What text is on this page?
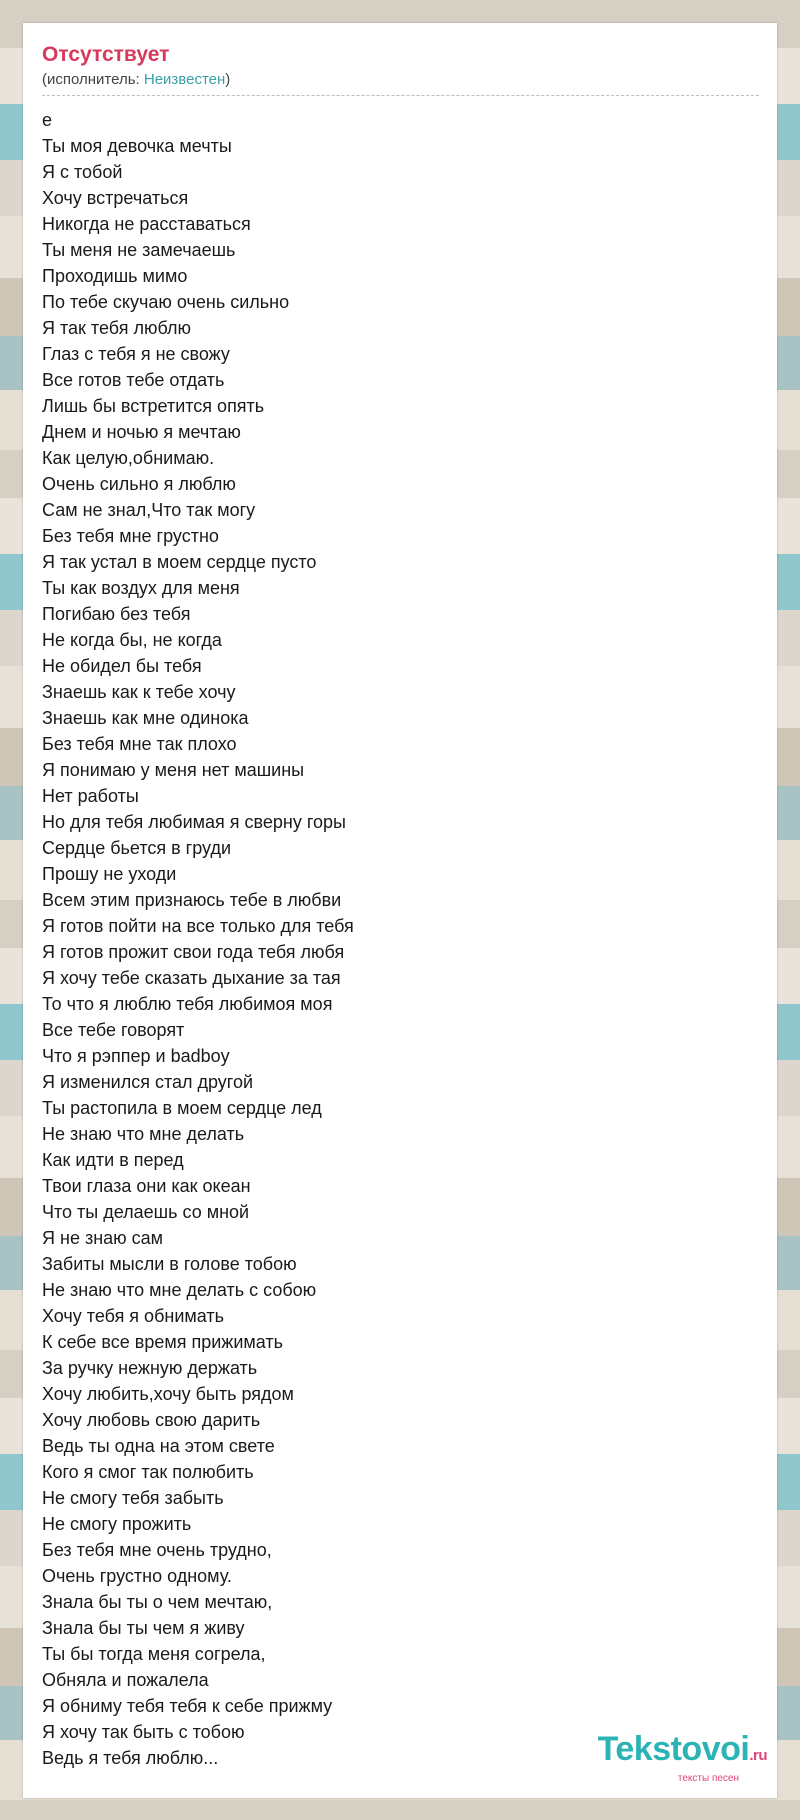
Отсутствует
(исполнитель: Неизвестен)
е
Ты моя девочка мечты
Я с тобой
Хочу встречаться
Никогда не расставаться
Ты меня не замечаешь
Проходишь мимо
По тебе скучаю очень сильно
Я так тебя люблю
Глаз с тебя я не свожу
Все готов тебе отдать
Лишь бы встретится опять
Днем и ночью я мечтаю
Как целую,обнимаю.
Очень сильно я люблю
Сам не знал,Что так могу
Без тебя мне грустно
Я так устал в моем сердце пусто
Ты как воздух для меня
Погибаю без тебя
Не когда бы, не когда
Не обидел бы тебя
Знаешь как к тебе хочу
Знаешь как мне одинока
Без тебя мне так плохо
Я понимаю у меня нет машины
Нет работы
Но для тебя любимая я сверну горы
Сердце бьется в груди
Прошу не уходи
Всем этим признаюсь тебе в любви
Я готов пойти на все только для тебя
Я готов прожит свои года тебя любя
Я хочу тебе сказать дыхание за тая
То что я люблю тебя любимоя моя
Все тебе говорят
Что я рэппер и badboy
Я изменился стал другой
Ты растопила в моем сердце лед
Не знаю что мне делать
Как идти в перед
Твои глаза они как океан
Что ты делаешь со мной
Я не знаю сам
Забиты мысли в голове тобою
Не знаю что мне делать с собою
Хочу тебя я обнимать
К себе все время прижимать
За ручку нежную держать
Хочу любить,хочу быть рядом
Хочу любовь свою дарить
Ведь ты одна на этом свете
Кого я смог так полюбить
Не смогу тебя забыть
Не смогу прожить
Без тебя мне очень трудно,
Очень грустно одному.
Знала бы ты о чем мечтаю,
Знала бы ты чем я живу
Ты бы тогда меня согрела,
Обняла и пожалела
Я обниму тебя тебя к себе прижму
Я хочу так быть с тобою
Ведь я тебя люблю...	Tekstovoi.ru
тексты песен
